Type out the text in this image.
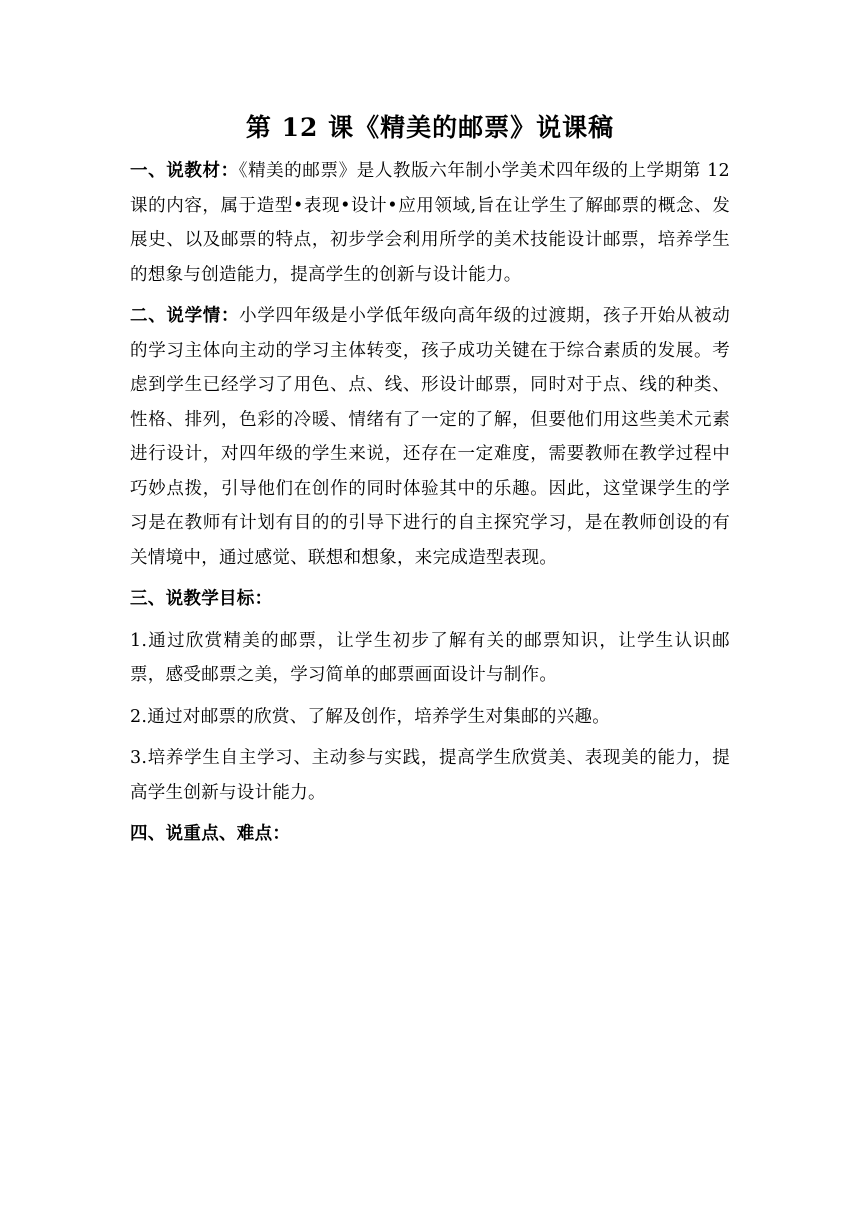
第 12 课《精美的邮票》说课稿

一、说教材：《精美的邮票》是人教版六年制小学美术四年级的上学期第 12 课的内容，属于造型•表现•设计•应用领域,旨在让学生了解邮票的概念、发展史、以及邮票的特点，初步学会利用所学的美术技能设计邮票，培养学生的想象与创造能力，提高学生的创新与设计能力。

二、说学情：小学四年级是小学低年级向高年级的过渡期，孩子开始从被动的学习主体向主动的学习主体转变，孩子成功关键在于综合素质的发展。考虑到学生已经学习了用色、点、线、形设计邮票，同时对于点、线的种类、性格、排列，色彩的冷暖、情绪有了一定的了解，但要他们用这些美术元素进行设计，对四年级的学生来说，还存在一定难度，需要教师在教学过程中巧妙点拨，引导他们在创作的同时体验其中的乐趣。因此，这堂课学生的学习是在教师有计划有目的的引导下进行的自主探究学习，是在教师创设的有关情境中，通过感觉、联想和想象，来完成造型表现。

三、说教学目标：

1.通过欣赏精美的邮票，让学生初步了解有关的邮票知识，让学生认识邮票，感受邮票之美，学习简单的邮票画面设计与制作。

2.通过对邮票的欣赏、了解及创作，培养学生对集邮的兴趣。

3.培养学生自主学习、主动参与实践，提高学生欣赏美、表现美的能力，提高学生创新与设计能力。

四、说重点、难点：
